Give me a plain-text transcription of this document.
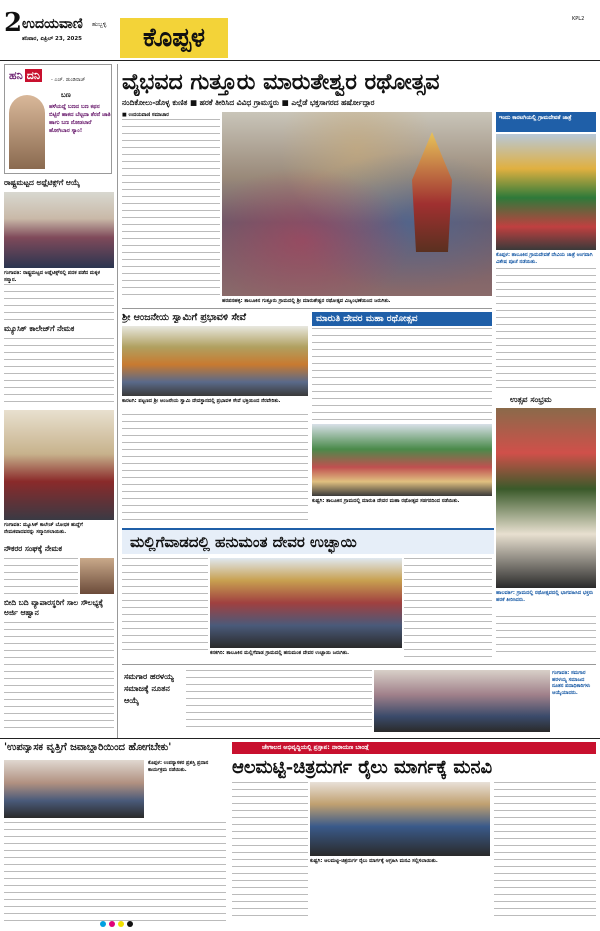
2 ಉದಯವಾಣಿ ಹುಬ್ಬಳ್ಳಿ
ಶನಿವಾರ, ಏಪ್ರಿಲ್ 23, 2025	ಕೊಪ್ಪಳ
KPL2
ಹನಿ ದನಿ	- ಎಚ್. ಡುಂಡಿರಾಜ್
ಬಣ
ಹಳೆಯದ್ದೆ ಬಣದ ಬಣ ಕಥನ ಬಿಟ್ಟಿರೆ ಹಾಕದ ಬೆಟ್ಟದಾ ತೆರನೆ ಜಾತಿ ಹಾಗು ಬಣ ನೋಡಲಾರೆ ಹೋಗಿಬಾರ ಸ್ಯಾಂ!
ರಾಷ್ಟ್ರಮಟ್ಟದ ಅಥ್ಲೆಟಿಕ್ಸ್‌ಗೆ ಆಯ್ಕೆ
ಗಂಗಾವತಿ: ರಾಷ್ಟ್ರಮಟ್ಟದ ಅಥ್ಲೆಟಿಕ್ಸ್‌ನಲ್ಲಿ ಪದಕ ಪಡೆದ ಮಕ್ಕಳ ಸನ್ಮಾನ.
ಮ್ಯೂಸಿಕ್ ಕಾಲೇಜ್‌ಗೆ ನೇಮಕ
ಗಂಗಾವತಿ: ಮ್ಯೂಸಿಕ್ ಕಾಲೇಜ್ ಬೋಧಕ ಹುದ್ದೆಗೆ ನೇಮಕವಾದವರನ್ನು ಸನ್ಮಾನಿಸಲಾಯಿತು.
ನೌಕರರ ಸಂಘಕ್ಕೆ ನೇಮಕ
ಬೀದಿ ಬದಿ ವ್ಯಾಪಾರಸ್ಥರಿಗೆ ಸಾಲ ಸೌಲಭ್ಯಕ್ಕೆ ಅರ್ಜಿ ಆಹ್ವಾನ
ವೈಭವದ ಗುತ್ತೂರು ಮಾರುತೇಶ್ವರ ರಥೋತ್ಸವ
ನಂದಿಕೋಲು-ಡೊಳ್ಳ ಕುಣಿತ ■ ಹರಕೆ ತೀರಿಸಿದ ವಿವಿಧ ಗ್ರಾಮಸ್ಥರು ■ ಎಲ್ಲೆಡೆ ಭಕ್ತಸಾಗರದ ಹರ್ಷೋದ್ಗಾರ
■ ಉದಯವಾಣಿ ಸಮಾಚಾರ
ಹರಪನಹಳ್ಳಿ: ತಾಲೂಕಿನ ಗುತ್ತೂರು ಗ್ರಾಮದಲ್ಲಿ ಶ್ರೀ ಮಾರುತೇಶ್ವರ ರಥೋತ್ಸವ ವಿಜೃಂಭಣೆಯಿಂದ ಜರುಗಿತು.
ಇಂದು ಕಾರಟಗಿಯಲ್ಲಿ ಗ್ರಾಮದೇವತೆ ಜಾತ್ರೆ
ಕೊಪ್ಪಳ: ತಾಲೂಕಿನ ಗ್ರಾಮದೇವತೆ ದೇವಿಯ ಜಾತ್ರೆ ಅಂಗವಾಗಿ ವಿಶೇಷ ಪೂಜೆ ನಡೆಯಿತು.
ಉತ್ಸವ ಸಂಭ್ರಮ
ಶ್ರೀ ಆಂಜನೇಯ ಸ್ವಾಮಿಗೆ ಪ್ರಭಾವಳಿ ಸೇವೆ
ಕಾರಟಗಿ: ಪಟ್ಟಣದ ಶ್ರೀ ಆಂಜನೇಯ ಸ್ವಾಮಿ ದೇವಸ್ಥಾನದಲ್ಲಿ ಪ್ರಭಾವಳಿ ಸೇವೆ ಭಕ್ತಿಯಿಂದ ನೆರವೇರಿತು.
ಮಾರುತಿ ದೇವರ ಮಹಾ ರಥೋತ್ಸವ
ಕುಷ್ಟಗಿ: ತಾಲೂಕಿನ ಗ್ರಾಮದಲ್ಲಿ ಮಾರುತಿ ದೇವರ ಮಹಾ ರಥೋತ್ಸವ ಸಡಗರದಿಂದ ನಡೆಯಿತು.
ಮಲ್ಲಿಗೆವಾಡದಲ್ಲಿ ಹನುಮಂತ ದೇವರ ಉಚ್ಛಾಯಿ
ಕನಕಗಿರಿ: ತಾಲೂಕಿನ ಮಲ್ಲಿಗೆವಾಡ ಗ್ರಾಮದಲ್ಲಿ ಹನುಮಂತ ದೇವರ ಉಚ್ಛಾಯಿ ಜರುಗಿತು.
ಹಾಲವರ್ತಿ: ಗ್ರಾಮದಲ್ಲಿ ರಥೋತ್ಸವದಲ್ಲಿ ಭಾಗವಹಿಸಿದ ಭಕ್ತರು ಹರಕೆ ತೀರಿಸಿದರು.
ಸಮಗಾರ ಹರಳಯ್ಯ ಸಮಾಜಕ್ಕೆ ನೂತನ ಆಯ್ಕೆ
ಗಂಗಾವತಿ: ಸಮಗಾರ ಹರಳಯ್ಯ ಸಮಾಜದ ನೂತನ ಪದಾಧಿಕಾರಿಗಳು ಆಯ್ಕೆಯಾದರು.
'ಉಪನ್ಯಾಸಕ ವೃತ್ತಿಗೆ ಜವಾಬ್ದಾರಿಯಿಂದ ಹೋಗಬೇಕು'
ಕೊಪ್ಪಳ: ಉಪನ್ಯಾಸಕರ ಪ್ರಶಸ್ತಿ ಪ್ರದಾನ ಕಾರ್ಯಕ್ರಮ ನಡೆಯಿತು.
ಚೇಗಾಲದ ಅಭಿವೃದ್ಧಿಯಲ್ಲಿ ಪ್ರಸ್ತಾಪ: ನಾರಾಯಣ ಬಾಂಡ್ಗೆ
ಆಲಮಟ್ಟಿ-ಚಿತ್ರದುರ್ಗ ರೈಲು ಮಾರ್ಗಕ್ಕೆ ಮನವಿ
ಕುಷ್ಟಗಿ: ಆಲಮಟ್ಟಿ-ಚಿತ್ರದುರ್ಗ ರೈಲು ಮಾರ್ಗಕ್ಕೆ ಆಗ್ರಹಿಸಿ ಮನವಿ ಸಲ್ಲಿಸಲಾಯಿತು.
